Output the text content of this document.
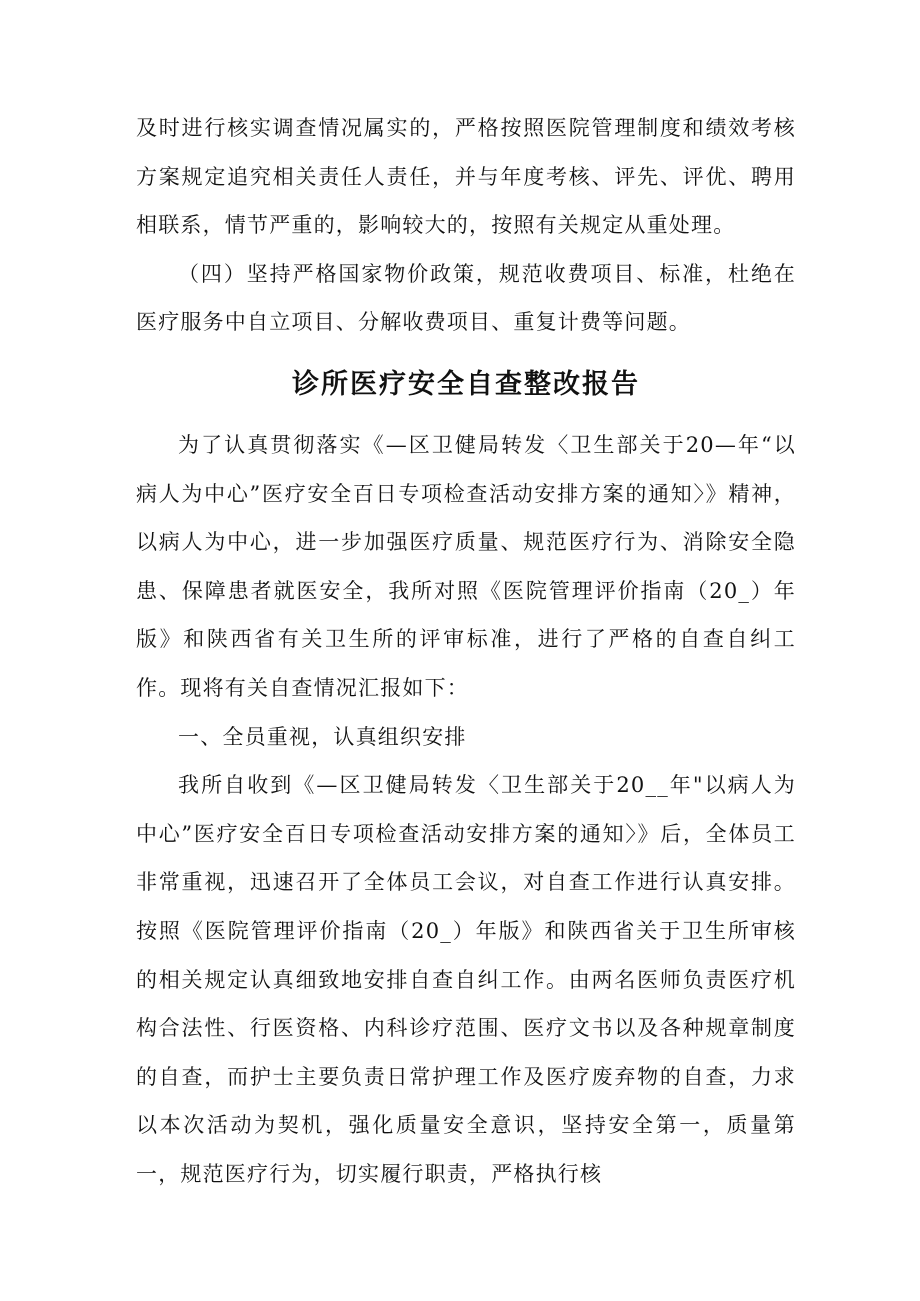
及时进行核实调查情况属实的，严格按照医院管理制度和绩效考核方案规定追究相关责任人责任，并与年度考核、评先、评优、聘用相联系，情节严重的，影响较大的，按照有关规定从重处理。

（四）坚持严格国家物价政策，规范收费项目、标准，杜绝在医疗服务中自立项目、分解收费项目、重复计费等问题。

诊所医疗安全自查整改报告

为了认真贯彻落实《—区卫健局转发〈卫生部关于20—年“以病人为中心”医疗安全百日专项检查活动安排方案的通知〉》精神，以病人为中心，进一步加强医疗质量、规范医疗行为、消除安全隐患、保障患者就医安全，我所对照《医院管理评价指南（20_）年版》和陕西省有关卫生所的评审标准，进行了严格的自查自纠工作。现将有关自查情况汇报如下：

一、全员重视，认真组织安排

我所自收到《—区卫健局转发〈卫生部关于20__年"以病人为中心”医疗安全百日专项检查活动安排方案的通知〉》后，全体员工非常重视，迅速召开了全体员工会议，对自查工作进行认真安排。按照《医院管理评价指南（20_）年版》和陕西省关于卫生所审核的相关规定认真细致地安排自查自纠工作。由两名医师负责医疗机构合法性、行医资格、内科诊疗范围、医疗文书以及各种规章制度的自查，而护士主要负责日常护理工作及医疗废弃物的自查，力求以本次活动为契机，强化质量安全意识，坚持安全第一，质量第一，规范医疗行为，切实履行职责，严格执行核
